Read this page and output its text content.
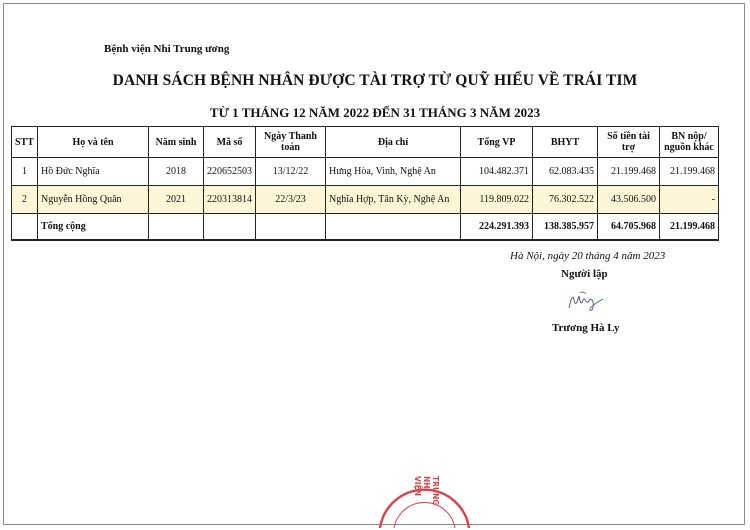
Bệnh viện Nhi Trung ương
DANH SÁCH BỆNH NHÂN ĐƯỢC TÀI TRỢ TỪ QUỸ HIỂU VỀ TRÁI TIM
TỪ 1 THÁNG 12 NĂM 2022 ĐẾN 31 THÁNG 3 NĂM 2023
STT	Họ và tên	Năm sinh	Mã số	Ngày Thanh toán	Địa chỉ	Tổng VP	BHYT	Số tiền tài trợ	BN nộp/ nguồn khác
1	Hồ Đức Nghĩa	2018	220652503	13/12/22	Hưng Hòa, Vinh, Nghệ An	104.482.371	62.083.435	21.199.468	21.199.468
2	Nguyễn Hồng Quân	2021	220313814	22/3/23	Nghĩa Hợp, Tân Kỳ, Nghệ An	119.809.022	76.302.522	43.506.500	-
	Tổng cộng					224.291.393	138.385.957	64.705.968	21.199.468
Hà Nội, ngày 20 tháng 4 năm 2023
Người lập
Trương Hà Ly
VIỆN NHI TRUNG
